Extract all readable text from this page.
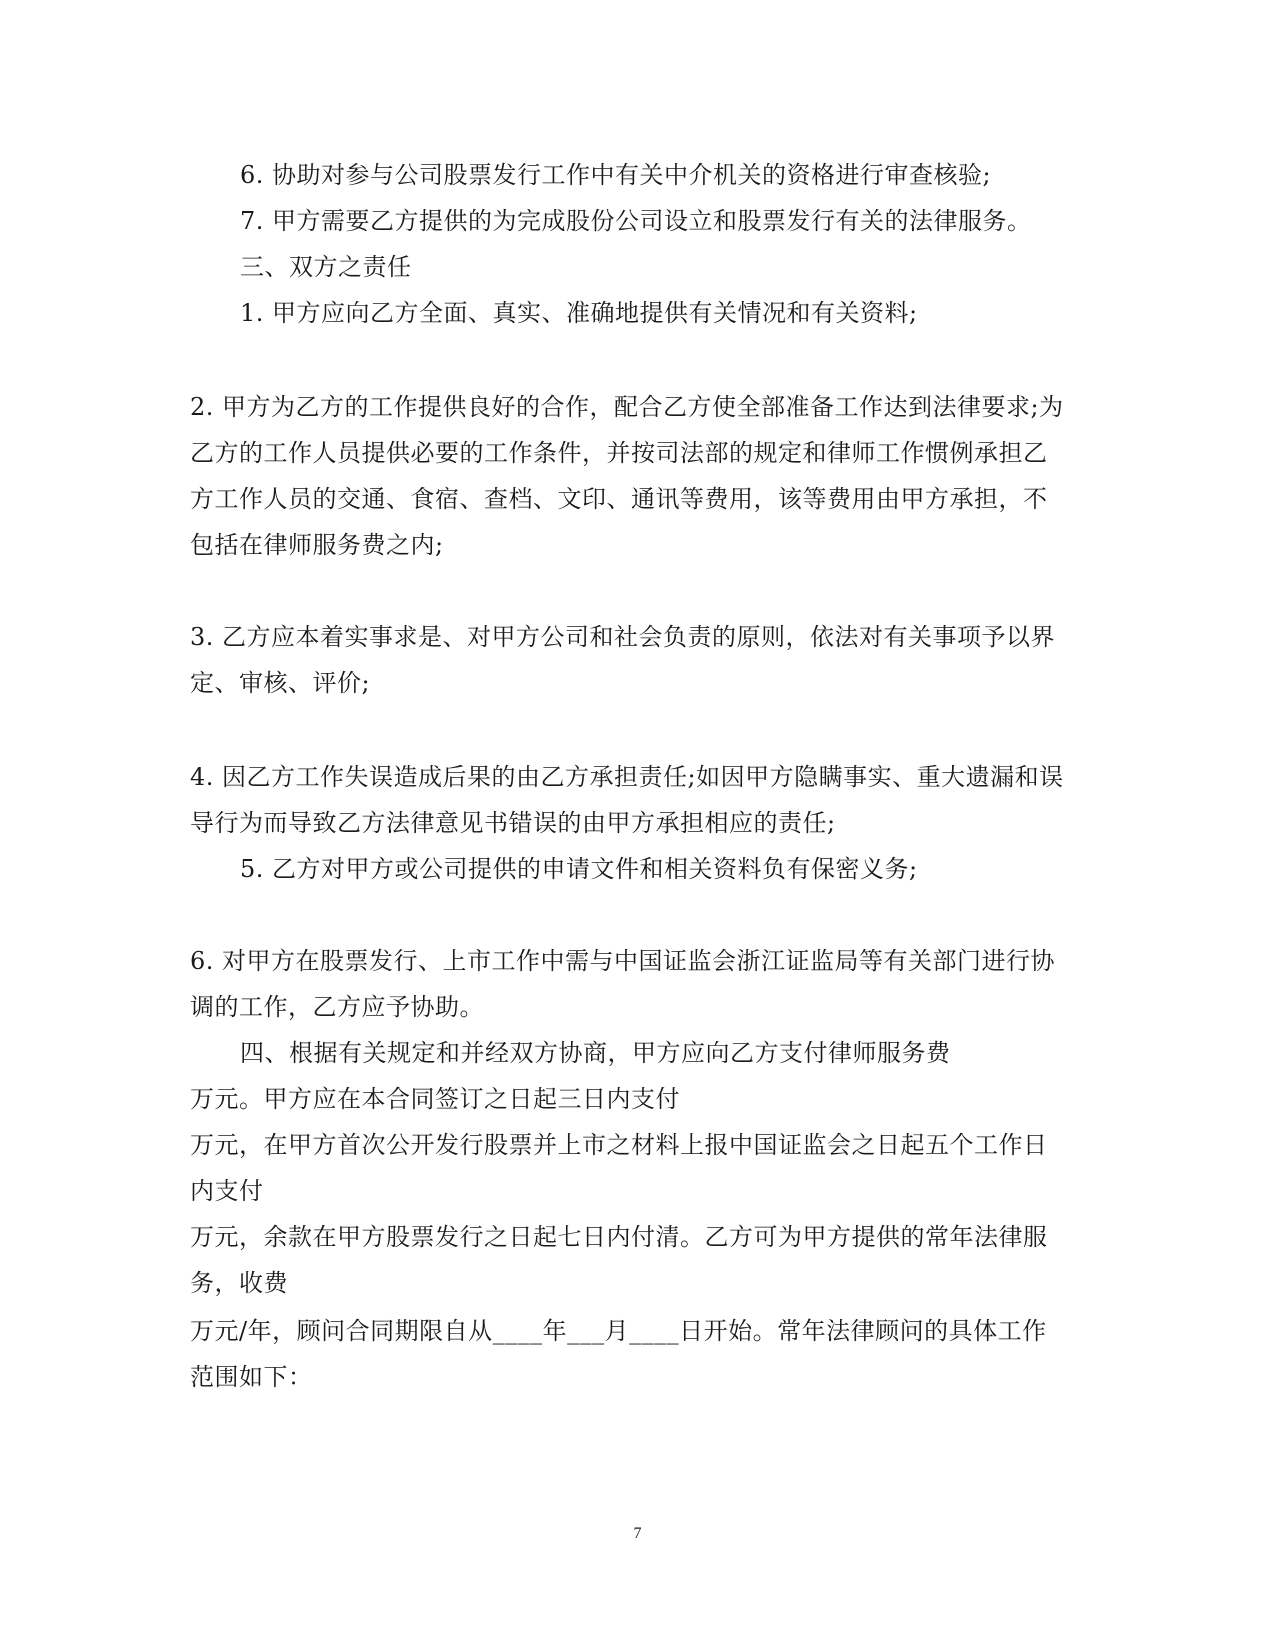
6. 协助对参与公司股票发行工作中有关中介机关的资格进行审查核验;
7. 甲方需要乙方提供的为完成股份公司设立和股票发行有关的法律服务。
三、双方之责任
1. 甲方应向乙方全面、真实、准确地提供有关情况和有关资料;
2. 甲方为乙方的工作提供良好的合作，配合乙方使全部准备工作达到法律要求;为
乙方的工作人员提供必要的工作条件，并按司法部的规定和律师工作惯例承担乙
方工作人员的交通、食宿、查档、文印、通讯等费用，该等费用由甲方承担，不
包括在律师服务费之内;
3. 乙方应本着实事求是、对甲方公司和社会负责的原则，依法对有关事项予以界
定、审核、评价;
4. 因乙方工作失误造成后果的由乙方承担责任;如因甲方隐瞒事实、重大遗漏和误
导行为而导致乙方法律意见书错误的由甲方承担相应的责任;
5. 乙方对甲方或公司提供的申请文件和相关资料负有保密义务;
6. 对甲方在股票发行、上市工作中需与中国证监会浙江证监局等有关部门进行协
调的工作，乙方应予协助。
四、根据有关规定和并经双方协商，甲方应向乙方支付律师服务费
万元。甲方应在本合同签订之日起三日内支付
万元，在甲方首次公开发行股票并上市之材料上报中国证监会之日起五个工作日
内支付
万元，余款在甲方股票发行之日起七日内付清。乙方可为甲方提供的常年法律服
务，收费
万元/年，顾问合同期限自从____年___月____日开始。常年法律顾问的具体工作
范围如下：
7
